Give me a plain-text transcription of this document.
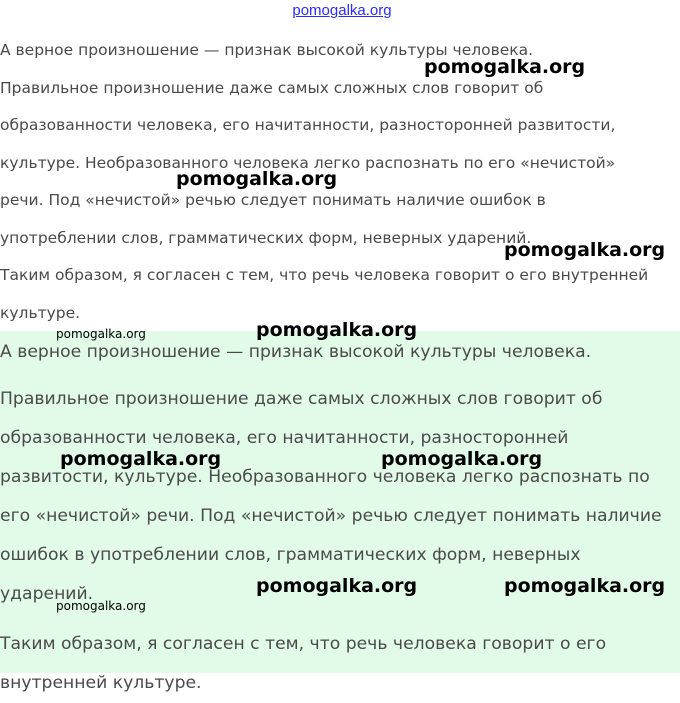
pomogalka.org

А верное произношение — признак высокой культуры человека.

Правильное произношение даже самых сложных слов говорит об

образованности человека, его начитанности, разносторонней развитости,

культуре. Необразованного человека легко распознать по его «нечистой»

речи. Под «нечистой» речью следует понимать наличие ошибок в

употреблении слов, грамматических форм, неверных ударений.

Таким образом, я согласен с тем, что речь человека говорит о его внутренней

культуре.

А верное произношение — признак высокой культуры человека.

Правильное произношение даже самых сложных слов говорит об

образованности человека, его начитанности, разносторонней

развитости, культуре. Необразованного человека легко распознать по

его «нечистой» речи. Под «нечистой» речью следует понимать наличие

ошибок в употреблении слов, грамматических форм, неверных

ударений.

Таким образом, я согласен с тем, что речь человека говорит о его

внутренней культуре.

pomogalka.org
pomogalka.org
pomogalka.org
pomogalka.org	pomogalka.org
pomogalka.org	pomogalka.org
pomogalka.org	pomogalka.org
pomogalka.org
